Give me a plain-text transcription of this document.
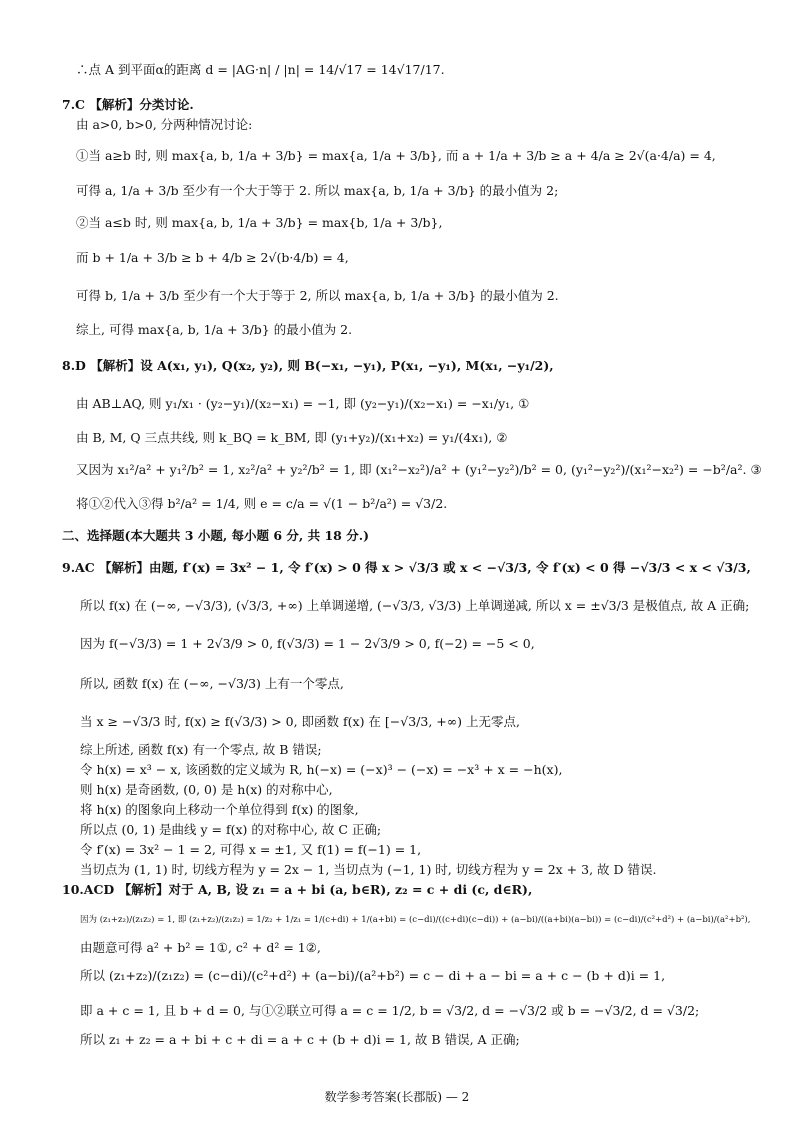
∴点 A 到平面α的距离 d = |AG·n| / |n| = 14/√17 = 14√17/17.
7.C 【解析】分类讨论.
由 a>0, b>0, 分两种情况讨论:
①当 a≥b 时, 则 max{a, b, 1/a + 3/b} = max{a, 1/a + 3/b}, 而 a + 1/a + 3/b ≥ a + 4/a ≥ 2√(a·4/a) = 4,
可得 a, 1/a + 3/b 至少有一个大于等于 2. 所以 max{a, b, 1/a + 3/b} 的最小值为 2;
②当 a≤b 时, 则 max{a, b, 1/a + 3/b} = max{b, 1/a + 3/b},
而 b + 1/a + 3/b ≥ b + 4/b ≥ 2√(b·4/b) = 4,
可得 b, 1/a + 3/b 至少有一个大于等于 2, 所以 max{a, b, 1/a + 3/b} 的最小值为 2.
综上, 可得 max{a, b, 1/a + 3/b} 的最小值为 2.
8.D 【解析】设 A(x₁, y₁), Q(x₂, y₂), 则 B(−x₁, −y₁), P(x₁, −y₁), M(x₁, −y₁/2),
由 AB⊥AQ, 则 y₁/x₁ · (y₂−y₁)/(x₂−x₁) = −1, 即 (y₂−y₁)/(x₂−x₁) = −x₁/y₁, ①
由 B, M, Q 三点共线, 则 k_BQ = k_BM, 即 (y₁+y₂)/(x₁+x₂) = y₁/(4x₁), ②
又因为 x₁²/a² + y₁²/b² = 1, x₂²/a² + y₂²/b² = 1, 即 (x₁²−x₂²)/a² + (y₁²−y₂²)/b² = 0, (y₁²−y₂²)/(x₁²−x₂²) = −b²/a². ③
将①②代入③得 b²/a² = 1/4, 则 e = c/a = √(1 − b²/a²) = √3/2.
二、选择题(本大题共 3 小题, 每小题 6 分, 共 18 分.)
9.AC 【解析】由题, f′(x) = 3x² − 1, 令 f′(x) > 0 得 x > √3/3 或 x < −√3/3, 令 f′(x) < 0 得 −√3/3 < x < √3/3,
所以 f(x) 在 (−∞, −√3/3), (√3/3, +∞) 上单调递增, (−√3/3, √3/3) 上单调递减, 所以 x = ±√3/3 是极值点, 故 A 正确;
因为 f(−√3/3) = 1 + 2√3/9 > 0, f(√3/3) = 1 − 2√3/9 > 0, f(−2) = −5 < 0,
所以, 函数 f(x) 在 (−∞, −√3/3) 上有一个零点,
当 x ≥ −√3/3 时, f(x) ≥ f(√3/3) > 0, 即函数 f(x) 在 [−√3/3, +∞) 上无零点,
综上所述, 函数 f(x) 有一个零点, 故 B 错误;
令 h(x) = x³ − x, 该函数的定义域为 R, h(−x) = (−x)³ − (−x) = −x³ + x = −h(x),
则 h(x) 是奇函数, (0, 0) 是 h(x) 的对称中心,
将 h(x) 的图象向上移动一个单位得到 f(x) 的图象,
所以点 (0, 1) 是曲线 y = f(x) 的对称中心, 故 C 正确;
令 f′(x) = 3x² − 1 = 2, 可得 x = ±1, 又 f(1) = f(−1) = 1,
当切点为 (1, 1) 时, 切线方程为 y = 2x − 1, 当切点为 (−1, 1) 时, 切线方程为 y = 2x + 3, 故 D 错误.
10.ACD 【解析】对于 A, B, 设 z₁ = a + bi (a, b∈R), z₂ = c + di (c, d∈R),
因为 (z₁+z₂)/(z₁z₂) = 1, 即 (z₁+z₂)/(z₁z₂) = 1/z₂ + 1/z₁ = 1/(c+di) + 1/(a+bi) = (c−di)/((c+di)(c−di)) + (a−bi)/((a+bi)(a−bi)) = (c−di)/(c²+d²) + (a−bi)/(a²+b²),
由题意可得 a² + b² = 1①, c² + d² = 1②,
所以 (z₁+z₂)/(z₁z₂) = (c−di)/(c²+d²) + (a−bi)/(a²+b²) = c − di + a − bi = a + c − (b + d)i = 1,
即 a + c = 1, 且 b + d = 0, 与①②联立可得 a = c = 1/2, b = √3/2, d = −√3/2 或 b = −√3/2, d = √3/2;
所以 z₁ + z₂ = a + bi + c + di = a + c + (b + d)i = 1, 故 B 错误, A 正确;
数学参考答案(长郡版) — 2
